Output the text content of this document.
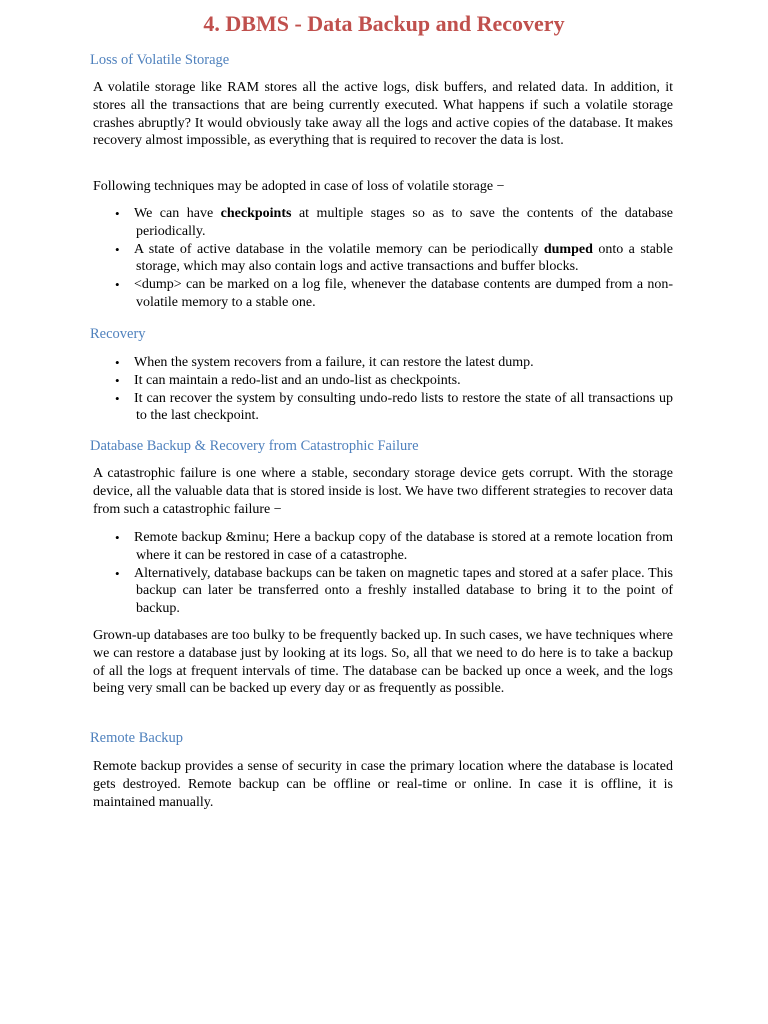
4. DBMS - Data Backup and Recovery
Loss of Volatile Storage

A volatile storage like RAM stores all the active logs, disk buffers, and related data. In addition, it stores all the transactions that are being currently executed. What happens if such a volatile storage crashes abruptly? It would obviously take away all the logs and active copies of the database. It makes recovery almost impossible, as everything that is required to recover the data is lost.

Following techniques may be adopted in case of loss of volatile storage −

•	We can have checkpoints at multiple stages so as to save the contents of the database periodically.
•	A state of active database in the volatile memory can be periodically dumped onto a stable storage, which may also contain logs and active transactions and buffer blocks.
•	<dump> can be marked on a log file, whenever the database contents are dumped from a non-volatile memory to a stable one.
Recovery
•	When the system recovers from a failure, it can restore the latest dump.
•	It can maintain a redo-list and an undo-list as checkpoints.
•	It can recover the system by consulting undo-redo lists to restore the state of all transactions up to the last checkpoint.
Database Backup & Recovery from Catastrophic Failure

A catastrophic failure is one where a stable, secondary storage device gets corrupt. With the storage device, all the valuable data that is stored inside is lost. We have two different strategies to recover data from such a catastrophic failure −

•	Remote backup &minu; Here a backup copy of the database is stored at a remote location from where it can be restored in case of a catastrophe.
•	Alternatively, database backups can be taken on magnetic tapes and stored at a safer place. This backup can later be transferred onto a freshly installed database to bring it to the point of backup.

Grown-up databases are too bulky to be frequently backed up. In such cases, we have techniques where we can restore a database just by looking at its logs. So, all that we need to do here is to take a backup of all the logs at frequent intervals of time. The database can be backed up once a week, and the logs being very small can be backed up every day or as frequently as possible.

Remote Backup

Remote backup provides a sense of security in case the primary location where the database is located gets destroyed. Remote backup can be offline or real-time or online. In case it is offline, it is maintained manually.
